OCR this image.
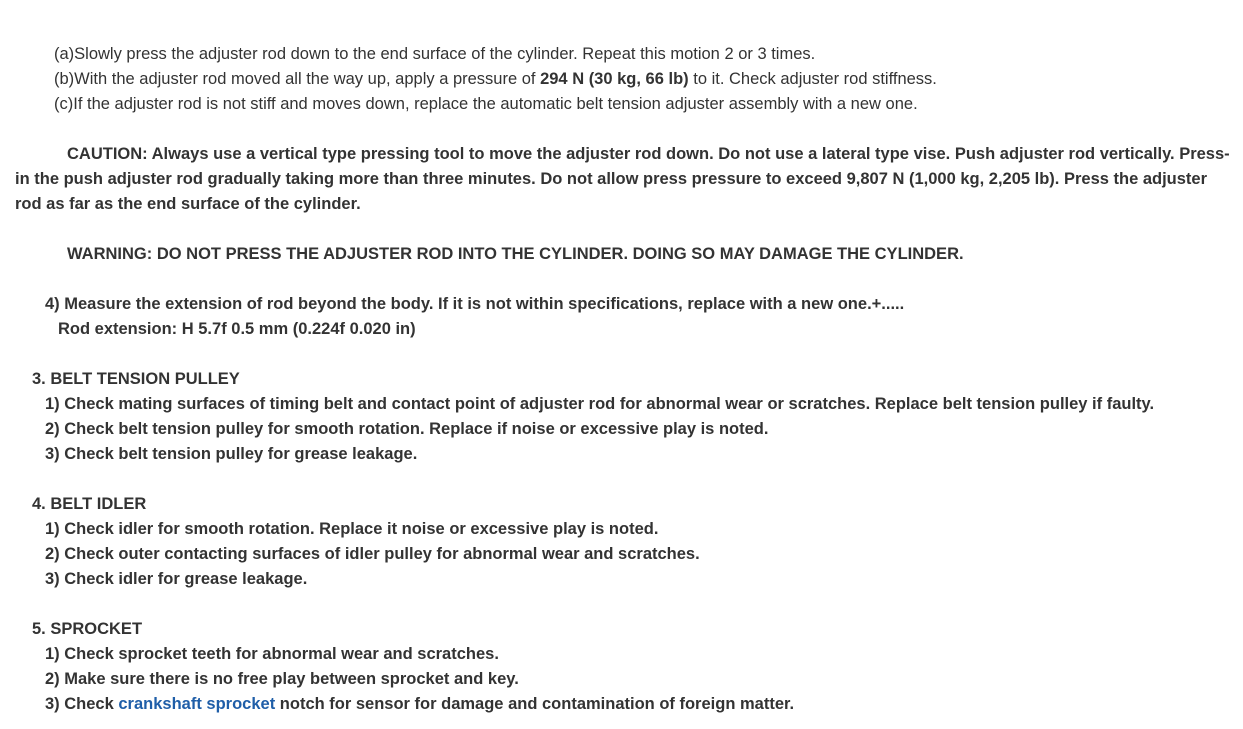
(a)Slowly press the adjuster rod down to the end surface of the cylinder. Repeat this motion 2 or 3 times.
(b)With the adjuster rod moved all the way up, apply a pressure of 294 N (30 kg, 66 lb) to it. Check adjuster rod stiffness.
(c)If the adjuster rod is not stiff and moves down, replace the automatic belt tension adjuster assembly with a new one.
CAUTION: Always use a vertical type pressing tool to move the adjuster rod down. Do not use a lateral type vise. Push adjuster rod vertically. Press-
in the push adjuster rod gradually taking more than three minutes. Do not allow press pressure to exceed 9,807 N (1,000 kg, 2,205 lb). Press the adjuster
rod as far as the end surface of the cylinder.
WARNING: DO NOT PRESS THE ADJUSTER ROD INTO THE CYLINDER. DOING SO MAY DAMAGE THE CYLINDER.
4) Measure the extension of rod beyond the body. If it is not within specifications, replace with a new one.+.....
Rod extension: H 5.7f 0.5 mm (0.224f 0.020 in)
3. BELT TENSION PULLEY
1) Check mating surfaces of timing belt and contact point of adjuster rod for abnormal wear or scratches. Replace belt tension pulley if faulty.
2) Check belt tension pulley for smooth rotation. Replace if noise or excessive play is noted.
3) Check belt tension pulley for grease leakage.
4. BELT IDLER
1) Check idler for smooth rotation. Replace it noise or excessive play is noted.
2) Check outer contacting surfaces of idler pulley for abnormal wear and scratches.
3) Check idler for grease leakage.
5. SPROCKET
1) Check sprocket teeth for abnormal wear and scratches.
2) Make sure there is no free play between sprocket and key.
3) Check crankshaft sprocket notch for sensor for damage and contamination of foreign matter.
